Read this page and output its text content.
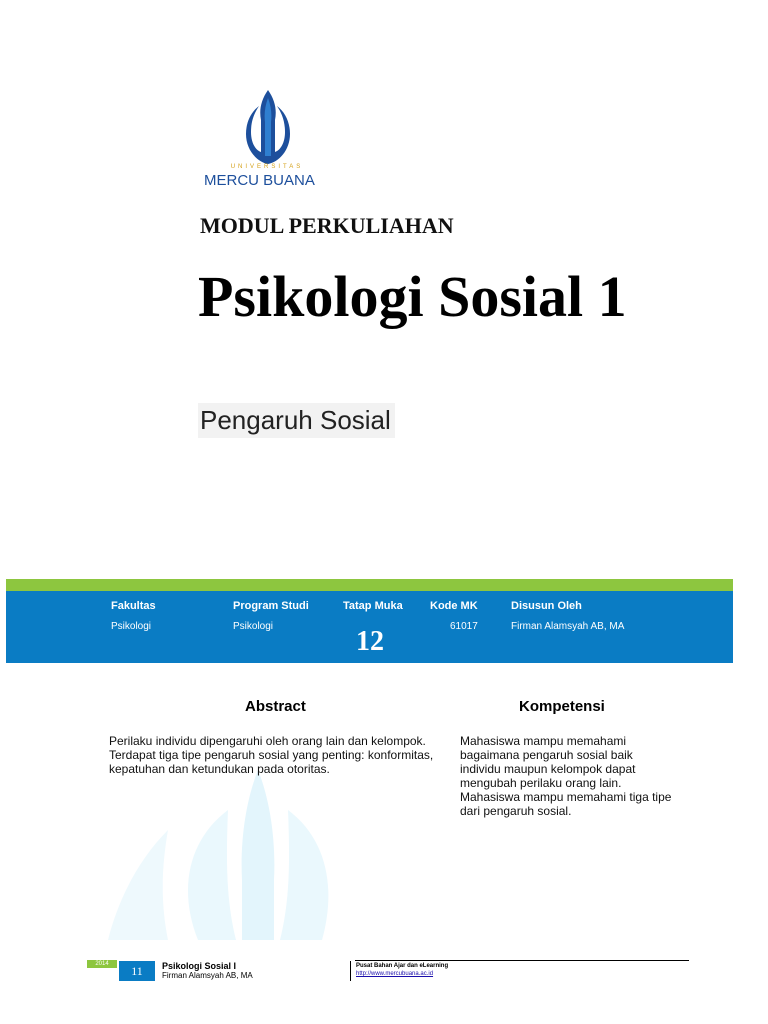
UNIVERSITAS
MERCU BUANA
MODUL PERKULIAHAN
Psikologi Sosial 1
Pengaruh Sosial
Fakultas
Psikologi
Program Studi
Psikologi
Tatap Muka
12
Kode MK
61017
Disusun Oleh
Firman Alamsyah AB, MA
Abstract
Perilaku individu dipengaruhi oleh orang lain dan kelompok. Terdapat tiga tipe pengaruh sosial yang penting: konformitas, kepatuhan dan ketundukan pada otoritas.
Kompetensi
Mahasiswa mampu memahami bagaimana pengaruh sosial baik individu maupun kelompok dapat mengubah perilaku orang lain. Mahasiswa mampu memahami tiga tipe dari pengaruh sosial.
2014	11	Psikologi Sosial I
Firman Alamsyah AB, MA
Pusat Bahan Ajar dan eLearning
http://www.mercubuana.ac.id
